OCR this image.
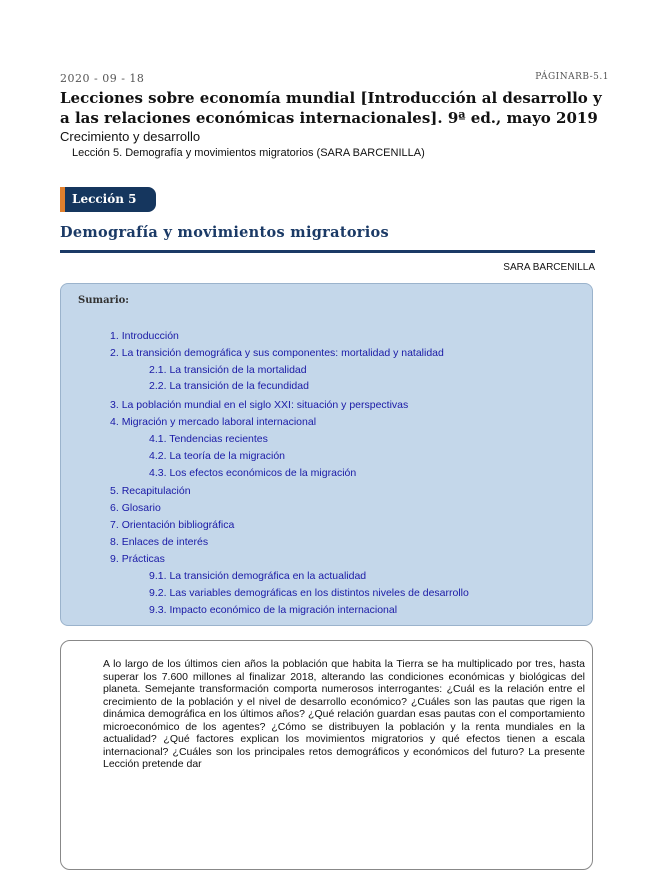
2020 - 09 - 18	PÁGINARB-5.1
Lecciones sobre economía mundial [Introducción al desarrollo y a las relaciones económicas internacionales]. 9ª ed., mayo 2019
Crecimiento y desarrollo
Lección 5. Demografía y movimientos migratorios (SARA BARCENILLA)
Lección 5
Demografía y movimientos migratorios
SARA BARCENILLA
Sumario:
1. Introducción
2. La transición demográfica y sus componentes: mortalidad y natalidad
2.1. La transición de la mortalidad
2.2. La transición de la fecundidad
3. La población mundial en el siglo XXI: situación y perspectivas
4. Migración y mercado laboral internacional
4.1. Tendencias recientes
4.2. La teoría de la migración
4.3. Los efectos económicos de la migración
5. Recapitulación
6. Glosario
7. Orientación bibliográfica
8. Enlaces de interés
9. Prácticas
9.1. La transición demográfica en la actualidad
9.2. Las variables demográficas en los distintos niveles de desarrollo
9.3. Impacto económico de la migración internacional
A lo largo de los últimos cien años la población que habita la Tierra se ha multiplicado por tres, hasta superar los 7.600 millones al finalizar 2018, alterando las condiciones económicas y biológicas del planeta. Semejante transformación comporta numerosos interrogantes: ¿Cuál es la relación entre el crecimiento de la población y el nivel de desarrollo económico? ¿Cuáles son las pautas que rigen la dinámica demográfica en los últimos años? ¿Qué relación guardan esas pautas con el comportamiento microeconómico de los agentes? ¿Cómo se distribuyen la población y la renta mundiales en la actualidad? ¿Qué factores explican los movimientos migratorios y qué efectos tienen a escala internacional? ¿Cuáles son los principales retos demográficos y económicos del futuro? La presente Lección pretende dar
